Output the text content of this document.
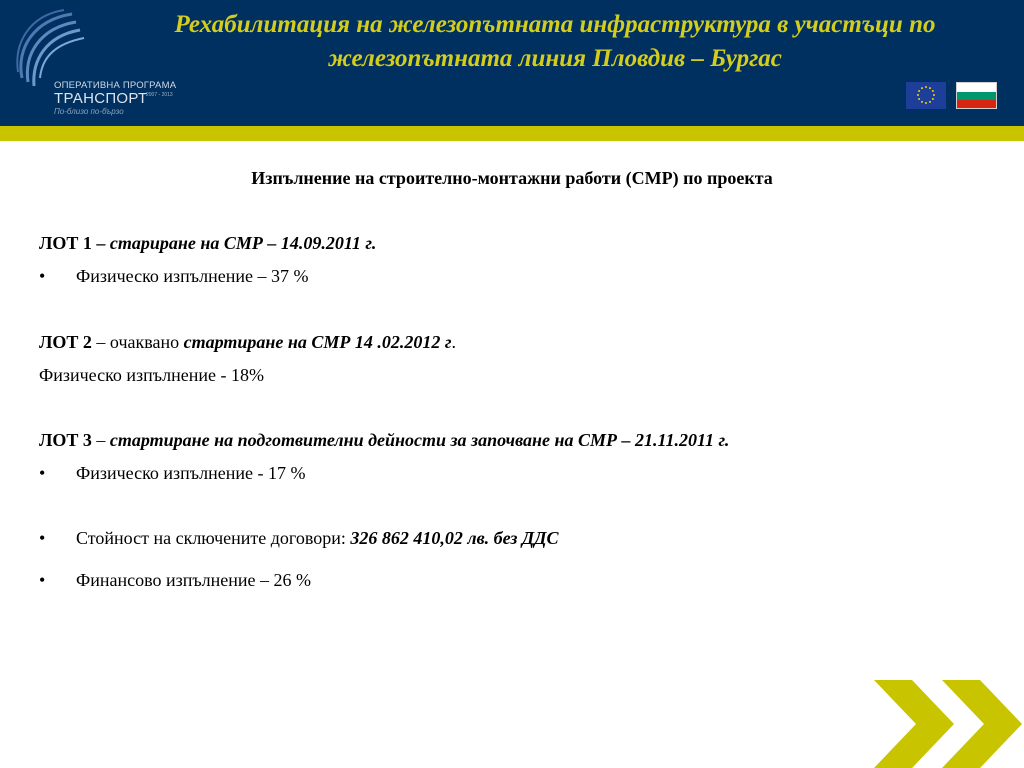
ОПЕРАТИВНА ПРОГРАМА
ТРАНСПОРТ
2007 - 2013
По-близо по-бързо
Рехабилитация на железопътната инфраструктура в участъци по
железопътната линия Пловдив – Бургас
Изпълнение на строително-монтажни работи (СМР) по проекта
ЛОТ 1 – стариране на СМР – 14.09.2011 г.
• Физическо изпълнение – 37 %
ЛОТ 2 – очаквано стартиране на СМР 14 .02.2012 г.
Физическо изпълнение - 18%
ЛОТ 3 – стартиране на подготвителни дейности за започване на СМР – 21.11.2011 г.
• Физическо изпълнение - 17 %
• Стойност на сключените договори: 326 862 410,02 лв. без ДДС
• Финансово изпълнение – 26 %
